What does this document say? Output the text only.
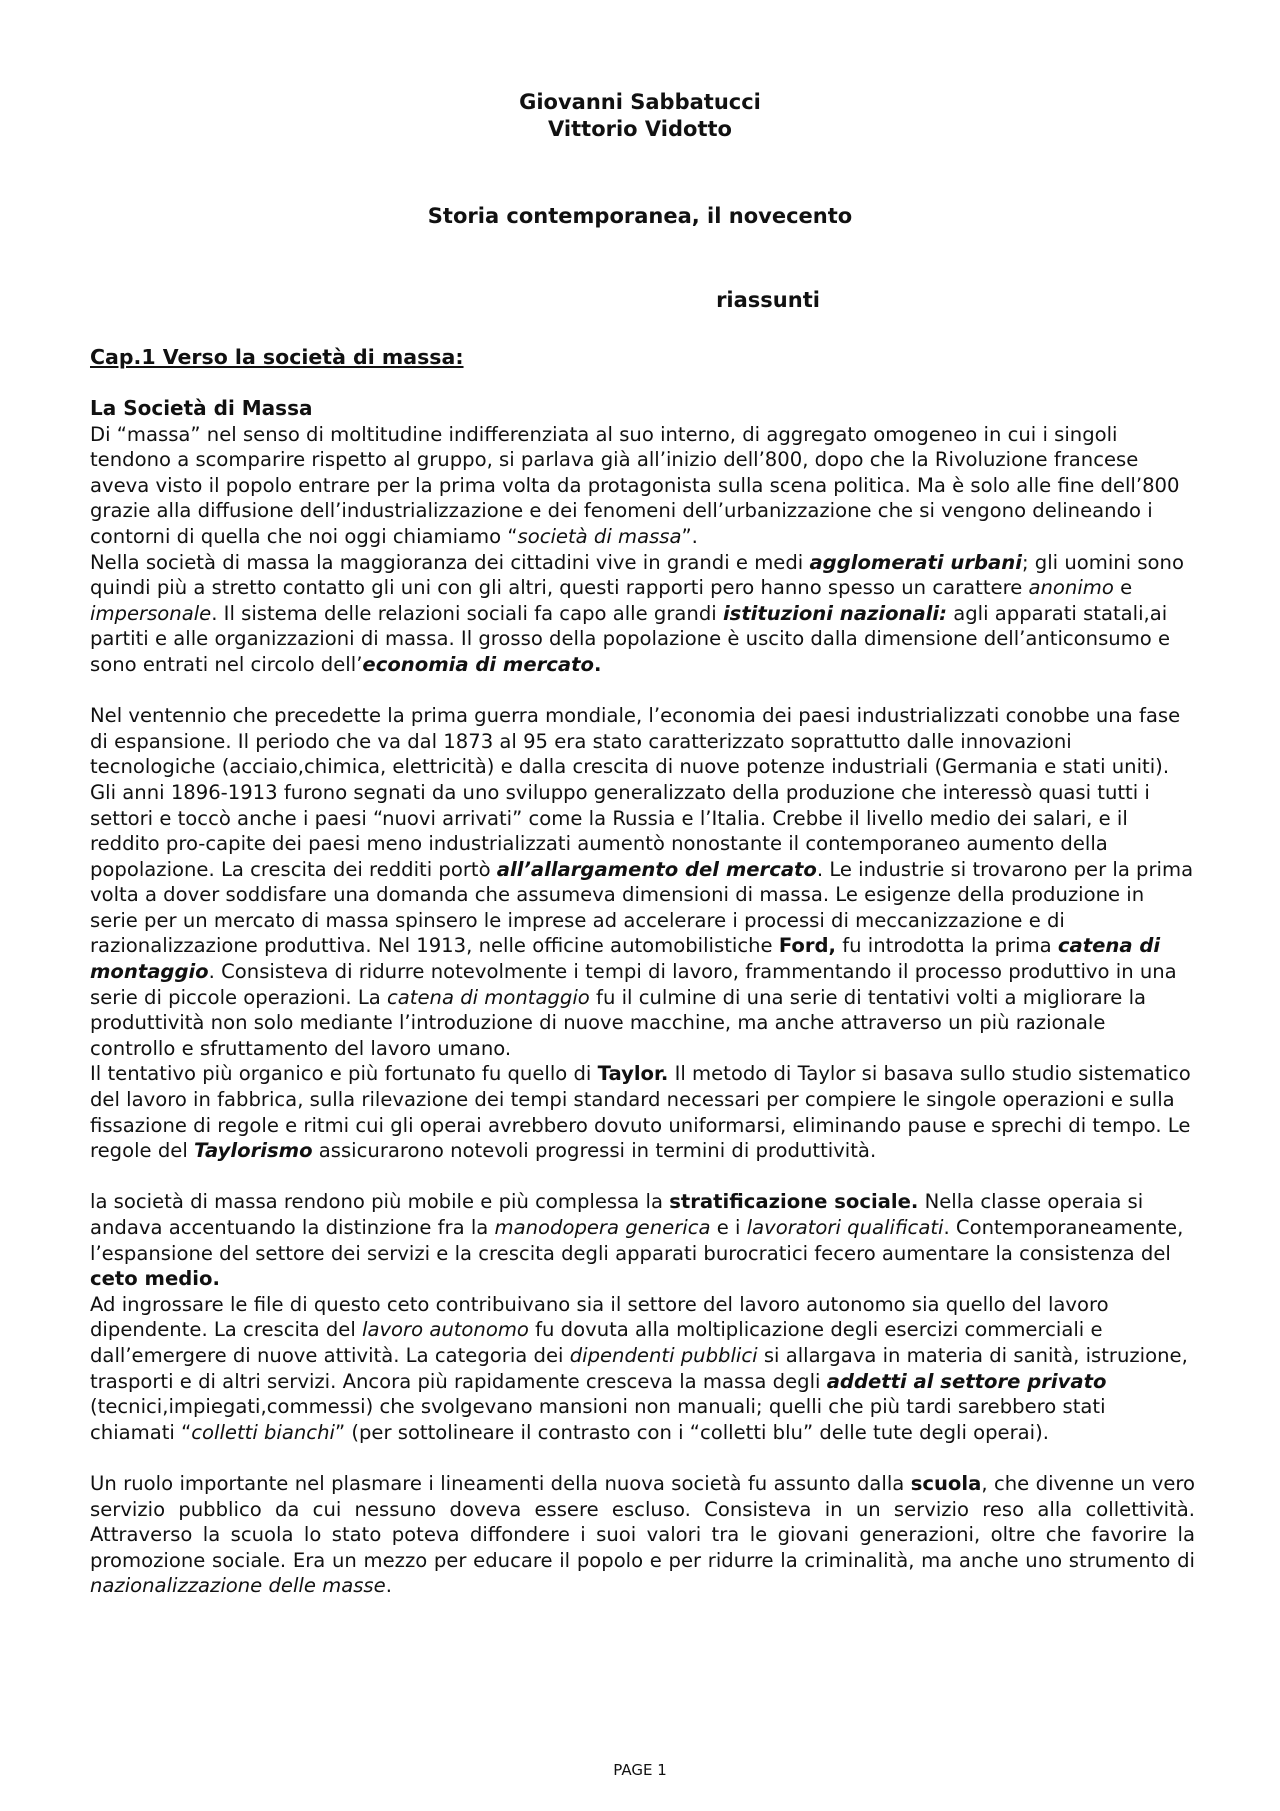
Giovanni Sabbatucci
Vittorio Vidotto
Storia contemporanea, il novecento
riassunti
Cap.1 Verso la società di massa:
La Società di Massa

Di “massa” nel senso di moltitudine indifferenziata al suo interno, di aggregato omogeneo in cui i singoli tendono a scomparire rispetto al gruppo, si parlava già all’inizio dell’800, dopo che la Rivoluzione francese aveva visto il popolo entrare per la prima volta da protagonista sulla scena politica. Ma è solo alle fine dell’800 grazie alla diffusione dell’industrializzazione e dei fenomeni dell’urbanizzazione che si vengono delineando i contorni di quella che noi oggi chiamiamo “società di massa”.

Nella società di massa la maggioranza dei cittadini vive in grandi e medi agglomerati urbani; gli uomini sono quindi più a stretto contatto gli uni con gli altri, questi rapporti pero hanno spesso un carattere anonimo e impersonale. Il sistema delle relazioni sociali fa capo alle grandi istituzioni nazionali: agli apparati statali,ai partiti e alle organizzazioni di massa. Il grosso della popolazione è uscito dalla dimensione dell’anticonsumo e sono entrati nel circolo dell’economia di mercato.

Nel ventennio che precedette la prima guerra mondiale, l’economia dei paesi industrializzati conobbe una fase di espansione. Il periodo che va dal 1873 al 95 era stato caratterizzato soprattutto dalle innovazioni tecnologiche (acciaio,chimica, elettricità) e dalla crescita di nuove potenze industriali (Germania e stati uniti). Gli anni 1896-1913 furono segnati da uno sviluppo generalizzato della produzione che interessò quasi tutti i settori e toccò anche i paesi “nuovi arrivati” come la Russia e l’Italia. Crebbe il livello medio dei salari, e il reddito pro-capite dei paesi meno industrializzati aumentò nonostante il contemporaneo aumento della popolazione. La crescita dei redditi portò all’allargamento del mercato. Le industrie si trovarono per la prima volta a dover soddisfare una domanda che assumeva dimensioni di massa. Le esigenze della produzione in serie per un mercato di massa spinsero le imprese ad accelerare i processi di meccanizzazione e di razionalizzazione produttiva. Nel 1913, nelle officine automobilistiche Ford, fu introdotta la prima catena di montaggio. Consisteva di ridurre notevolmente i tempi di lavoro, frammentando il processo produttivo in una serie di piccole operazioni. La catena di montaggio fu il culmine di una serie di tentativi volti a migliorare la produttività non solo mediante l’introduzione di nuove macchine, ma anche attraverso un più razionale controllo e sfruttamento del lavoro umano.

Il tentativo più organico e più fortunato fu quello di Taylor. Il metodo di Taylor si basava sullo studio sistematico del lavoro in fabbrica, sulla rilevazione dei tempi standard necessari per compiere le singole operazioni e sulla fissazione di regole e ritmi cui gli operai avrebbero dovuto uniformarsi, eliminando pause e sprechi di tempo. Le regole del Taylorismo assicurarono notevoli progressi in termini di produttività.

la società di massa rendono più mobile e più complessa la stratificazione sociale. Nella classe operaia si andava accentuando la distinzione fra la manodopera generica e i lavoratori qualificati. Contemporaneamente, l’espansione del settore dei servizi e la crescita degli apparati burocratici fecero aumentare la consistenza del ceto medio.

Ad ingrossare le file di questo ceto contribuivano sia il settore del lavoro autonomo sia quello del lavoro dipendente. La crescita del lavoro autonomo fu dovuta alla moltiplicazione degli esercizi commerciali e dall’emergere di nuove attività. La categoria dei dipendenti pubblici si allargava in materia di sanità, istruzione, trasporti e di altri servizi. Ancora più rapidamente cresceva la massa degli addetti al settore privato (tecnici,impiegati,commessi) che svolgevano mansioni non manuali; quelli che più tardi sarebbero stati chiamati “colletti bianchi” (per sottolineare il contrasto con i “colletti blu” delle tute degli operai).

Un ruolo importante nel plasmare i lineamenti della nuova società fu assunto dalla scuola, che divenne un vero servizio pubblico da cui nessuno doveva essere escluso. Consisteva in un servizio reso alla collettività. Attraverso la scuola lo stato poteva diffondere i suoi valori tra le giovani generazioni, oltre che favorire la promozione sociale. Era un mezzo per educare il popolo e per ridurre la criminalità, ma anche uno strumento di nazionalizzazione delle masse.

PAGE 1
